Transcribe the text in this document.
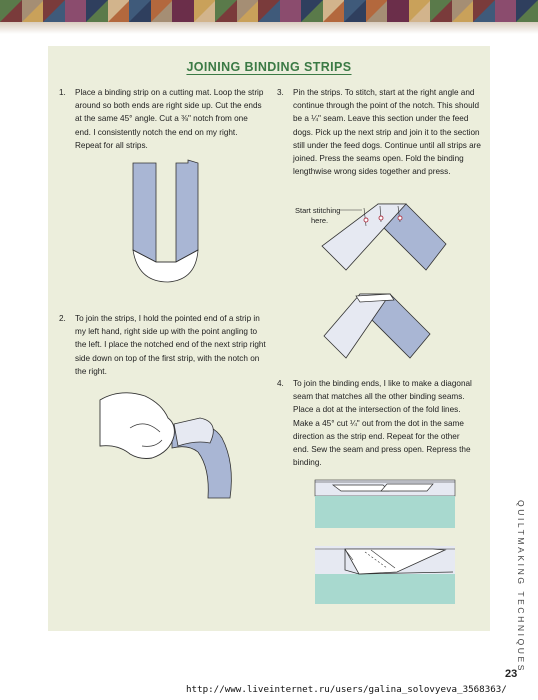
JOINING BINDING STRIPS
1. Place a binding strip on a cutting mat. Loop the strip around so both ends are right side up. Cut the ends at the same 45° angle. Cut a ⅜" notch from one end. I consistently notch the end on my right. Repeat for all strips.
2. To join the strips, I hold the pointed end of a strip in my left hand, right side up with the point angling to the left. I place the notched end of the next strip right side down on top of the first strip, with the notch on the right.
3. Pin the strips. To stitch, start at the right angle and continue through the point of the notch. This should be a ¼" seam. Leave this section under the feed dogs. Pick up the next strip and join it to the section still under the feed dogs. Continue until all strips are joined. Press the seams open. Fold the binding lengthwise wrong sides together and press.
4. To join the binding ends, I like to make a diagonal seam that matches all the other binding seams. Place a dot at the intersection of the fold lines. Make a 45° cut ¼" out from the dot in the same direction as the strip end. Repeat for the other end. Sew the seam and press open. Repress the binding.
Start stitching
here.
QUILTMAKING TECHNIQUES
23
http://www.liveinternet.ru/users/galina_solovyeva_3568363/
